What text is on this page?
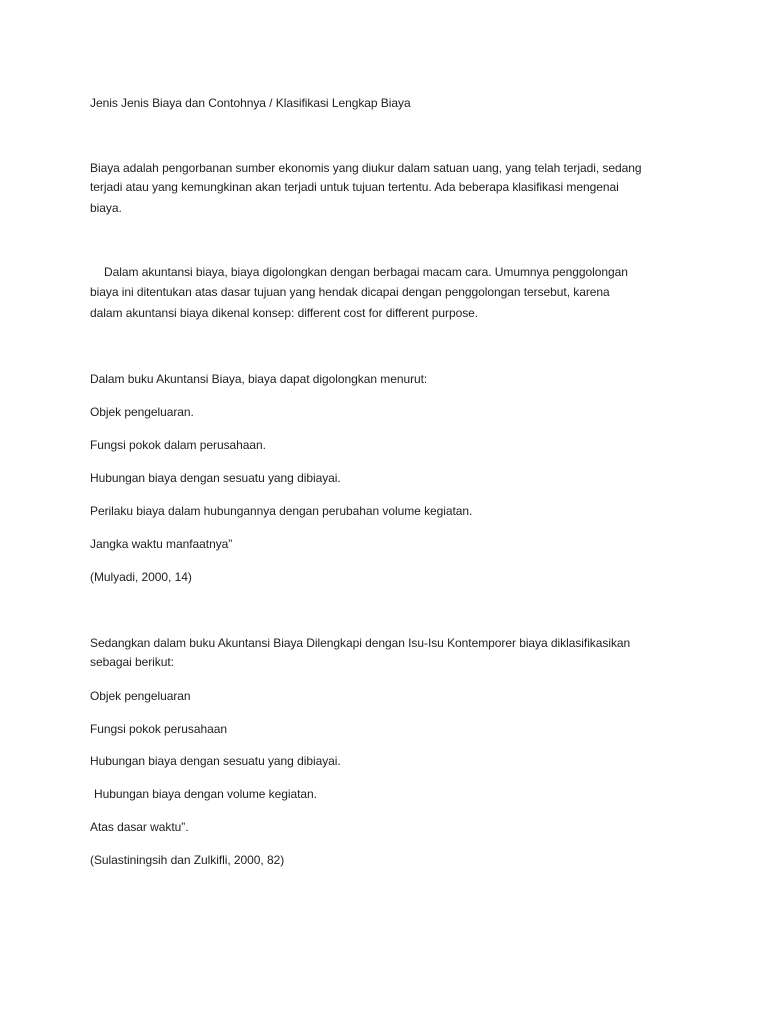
Jenis Jenis Biaya dan Contohnya / Klasifikasi Lengkap Biaya
Biaya adalah pengorbanan sumber ekonomis yang diukur dalam satuan uang, yang telah terjadi, sedang
terjadi atau yang kemungkinan akan terjadi untuk tujuan tertentu. Ada beberapa klasifikasi mengenai
biaya.
Dalam akuntansi biaya, biaya digolongkan dengan berbagai macam cara. Umumnya penggolongan
biaya ini ditentukan atas dasar tujuan yang hendak dicapai dengan penggolongan tersebut, karena
dalam akuntansi biaya dikenal konsep: different cost for different purpose.
Dalam buku Akuntansi Biaya, biaya dapat digolongkan menurut:
Objek pengeluaran.
Fungsi pokok dalam perusahaan.
Hubungan biaya dengan sesuatu yang dibiayai.
Perilaku biaya dalam hubungannya dengan perubahan volume kegiatan.
Jangka waktu manfaatnya”
(Mulyadi, 2000, 14)
Sedangkan dalam buku Akuntansi Biaya Dilengkapi dengan Isu-Isu Kontemporer biaya diklasifikasikan
sebagai berikut:
Objek pengeluaran
Fungsi pokok perusahaan
Hubungan biaya dengan sesuatu yang dibiayai.
Hubungan biaya dengan volume kegiatan.
Atas dasar waktu”.
(Sulastiningsih dan Zulkifli, 2000, 82)
